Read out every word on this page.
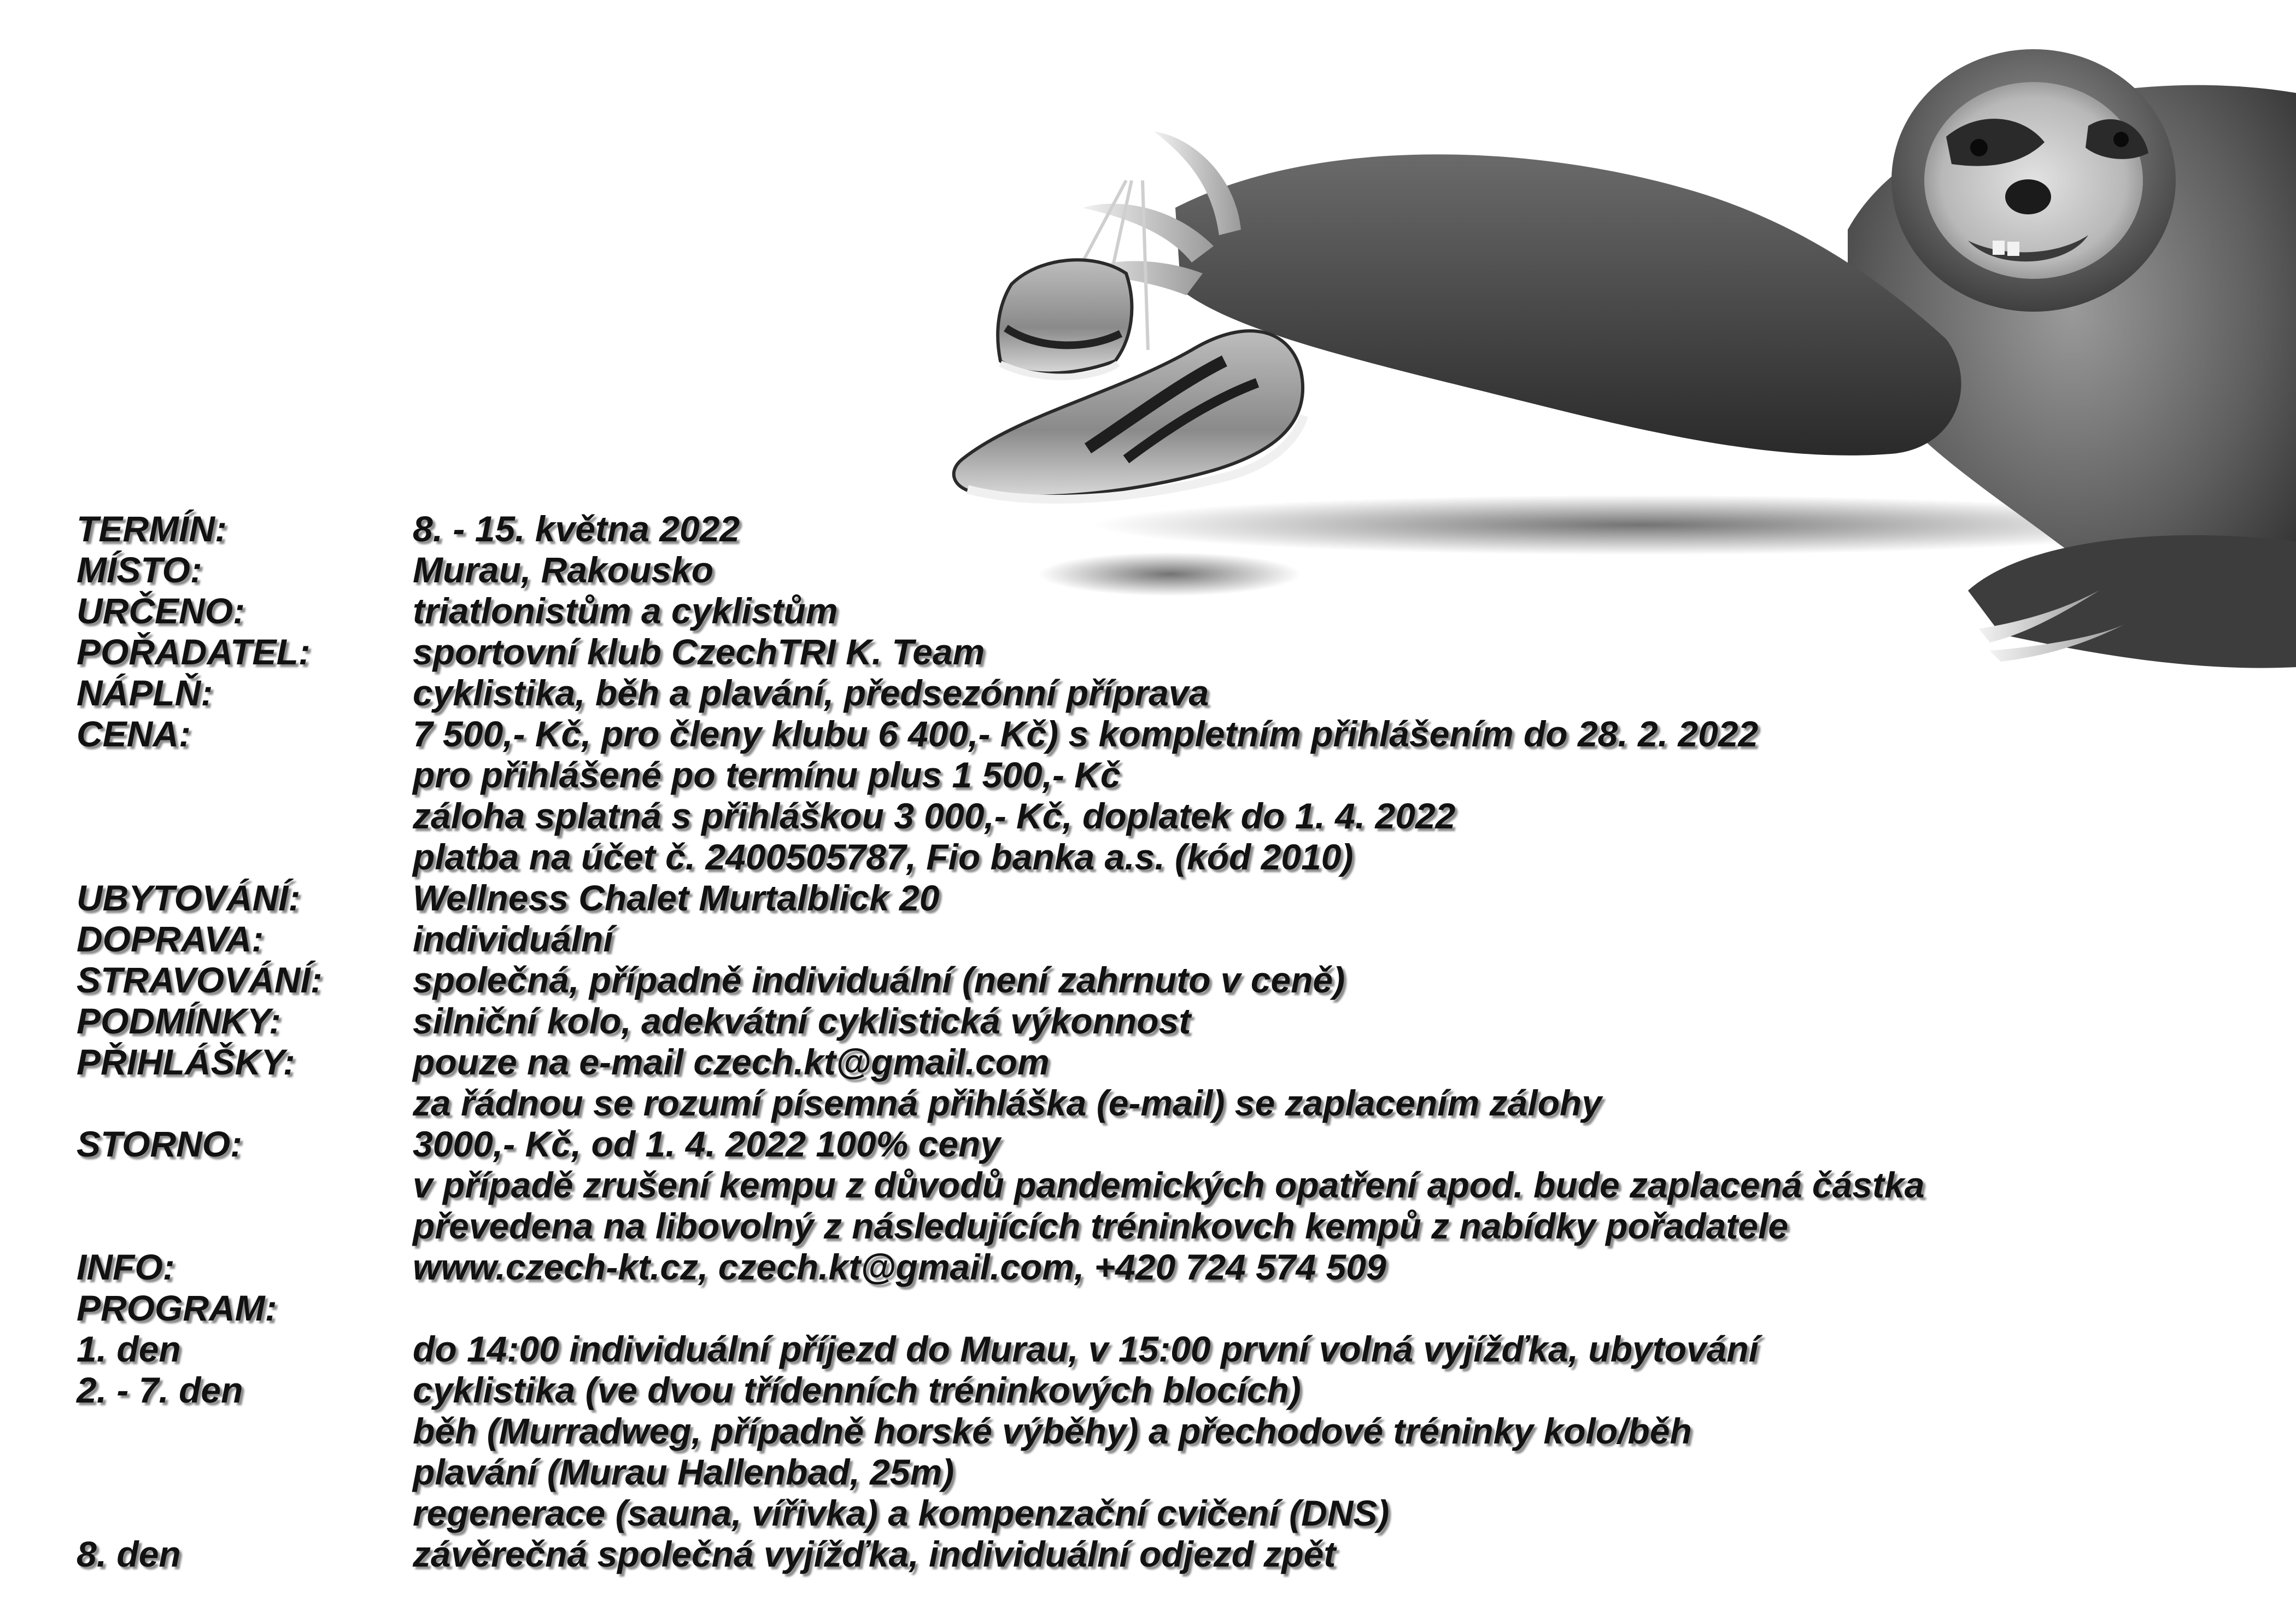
TERMÍN:	8. - 15. května 2022
MÍSTO:	Murau, Rakousko
URČENO:	triatlonistům a cyklistům
POŘADATEL:	sportovní klub CzechTRI K. Team
NÁPLŇ:	cyklistika, běh a plavání, předsezónní příprava
CENA:	7 500,- Kč, pro členy klubu 6 400,- Kč) s kompletním přihlášením do 28. 2. 2022
pro přihlášené po termínu plus 1 500,- Kč
záloha splatná s přihláškou 3 000,- Kč, doplatek do 1. 4. 2022
platba na účet č. 2400505787, Fio banka a.s. (kód 2010)
UBYTOVÁNÍ:	Wellness Chalet Murtalblick 20
DOPRAVA:	individuální
STRAVOVÁNÍ:	společná, případně individuální (není zahrnuto v ceně)
PODMÍNKY:	silniční kolo, adekvátní cyklistická výkonnost
PŘIHLÁŠKY:	pouze na e-mail czech.kt@gmail.com
za řádnou se rozumí písemná přihláška (e-mail) se zaplacením zálohy
STORNO:	3000,- Kč, od 1. 4. 2022 100% ceny
v případě zrušení kempu z důvodů pandemických opatření apod. bude zaplacená částka
převedena na libovolný z následujících tréninkovch kempů z nabídky pořadatele
INFO:	www.czech-kt.cz, czech.kt@gmail.com, +420 724 574 509
PROGRAM:
1. den	do 14:00 individuální příjezd do Murau, v 15:00 první volná vyjížďka, ubytování
2. - 7. den	cyklistika (ve dvou třídenních tréninkových blocích)
běh (Murradweg, případně horské výběhy) a přechodové tréninky kolo/běh
plavání (Murau Hallenbad, 25m)
regenerace (sauna, vířivka) a kompenzační cvičení (DNS)
8. den	závěrečná společná vyjížďka, individuální odjezd zpět
